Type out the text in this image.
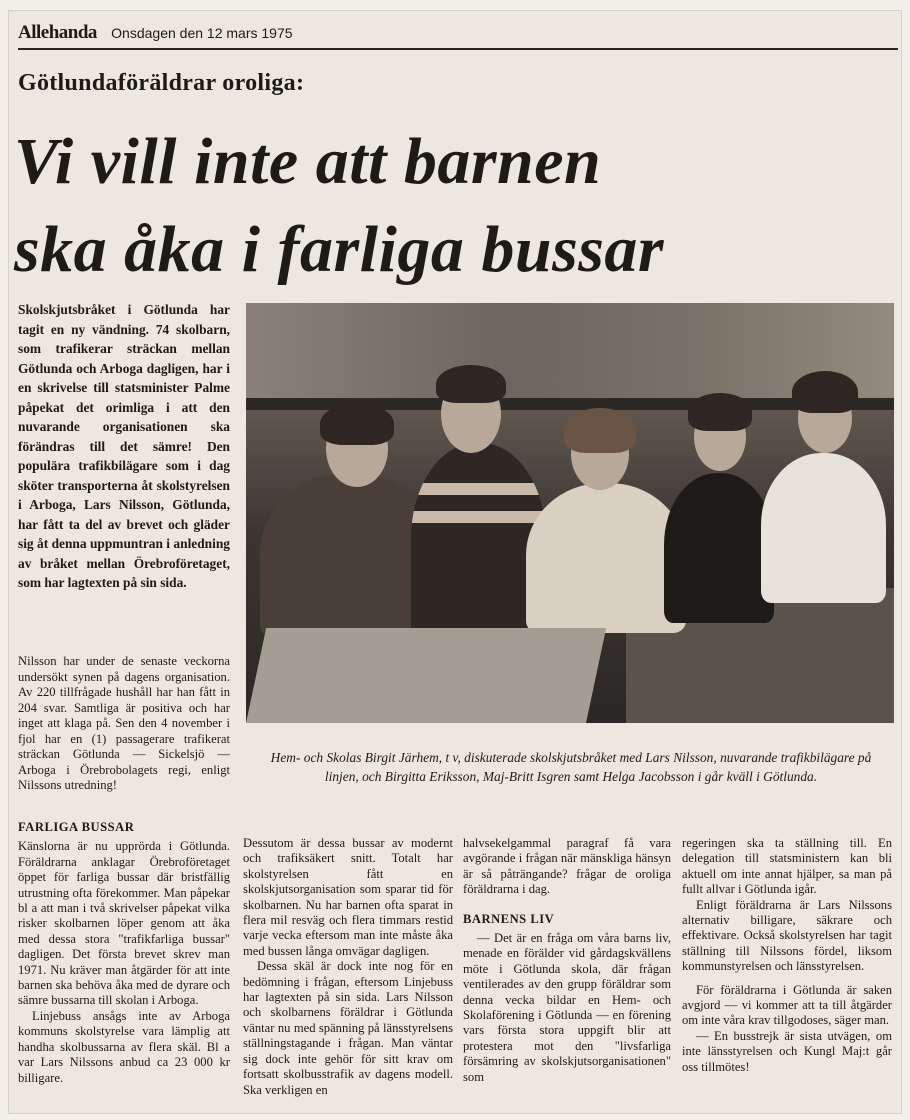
Allehanda Onsdagen den 12 mars 1975
Götlundaföräldrar oroliga:
Vi vill inte att barnen
ska åka i farliga bussar
Skolskjutsbråket i Götlunda har tagit en ny vändning. 74 skolbarn, som trafikerar sträckan mellan Götlunda och Arboga dagligen, har i en skrivelse till statsminister Palme påpekat det orimliga i att den nuvarande organisationen ska förändras till det sämre! Den populära trafikbilägare som i dag sköter transporterna åt skolstyrelsen i Arboga, Lars Nilsson, Götlunda, har fått ta del av brevet och gläder sig åt denna uppmuntran i anledning av bråket mellan Örebroföretaget, som har lagtexten på sin sida.
Nilsson har under de senaste veckorna undersökt synen på dagens organisation. Av 220 tillfrågade hushåll har han fått in 204 svar. Samtliga är positiva och har inget att klaga på. Sen den 4 november i fjol har en (1) passagerare trafikerat sträckan Götlunda — Sickelsjö — Arboga i Örebrobolagets regi, enligt Nilssons utredning!
Hem- och Skolas Birgit Järhem, t v, diskuterade skolskjutsbråket med Lars Nilsson, nuvarande trafikbilägare på linjen, och Birgitta Eriksson, Maj-Britt Isgren samt Helga Jacobsson i går kväll i Götlunda.
FARLIGA BUSSAR

Känslorna är nu upprörda i Götlunda. Föräldrarna anklagar Örebroföretaget öppet för farliga bussar där bristfällig utrustning ofta förekommer. Man påpekar bl a att man i två skrivelser påpekat vilka risker skolbarnen löper genom att åka med dessa stora "trafikfarliga bussar" dagligen. Det första brevet skrev man 1971. Nu kräver man åtgärder för att inte barnen ska behöva åka med de dyrare och sämre bussarna till skolan i Arboga.

Linjebuss ansågs inte av Arboga kommuns skolstyrelse vara lämplig att handha skolbussarna av flera skäl. Bl a var Lars Nilssons anbud ca 23 000 kr billigare.

Dessutom är dessa bussar av modernt och trafiksäkert snitt. Totalt har skolstyrelsen fått en skolskjutsorganisation som sparar tid för skolbarnen. Nu har barnen ofta sparat in flera mil resväg och flera timmars restid varje vecka eftersom man inte måste åka med bussen långa omvägar dagligen.

Dessa skäl är dock inte nog för en bedömning i frågan, eftersom Linjebuss har lagtexten på sin sida. Lars Nilsson och skolbarnens föräldrar i Götlunda väntar nu med spänning på länsstyrelsens ställningstagande i frågan. Man väntar sig dock inte gehör för sitt krav om fortsatt skolbusstrafik av dagens modell. Ska verkligen en

halvsekelgammal paragraf få vara avgörande i frågan när mänskliga hänsyn är så påträngande? frågar de oroliga föräldrarna i dag.

BARNENS LIV

— Det är en fråga om våra barns liv, menade en förälder vid gårdagskvällens möte i Götlunda skola, där frågan ventilerades av den grupp föräldrar som denna vecka bildar en Hem- och Skolaförening i Götlunda — en förening vars första stora uppgift blir att protestera mot den "livsfarliga försämring av skolskjutsorganisationen" som

regeringen ska ta ställning till. En delegation till statsministern kan bli aktuell om inte annat hjälper, sa man på fullt allvar i Götlunda igår.

Enligt föräldrarna är Lars Nilssons alternativ billigare, säkrare och effektivare. Också skolstyrelsen har tagit ställning till Nilssons fördel, liksom kommunstyrelsen och länsstyrelsen.

För föräldrarna i Götlunda är saken avgjord — vi kommer att ta till åtgärder om inte våra krav tillgodoses, säger man.

— En busstrejk är sista utvägen, om inte länsstyrelsen och Kungl Maj:t går oss tillmötes!
